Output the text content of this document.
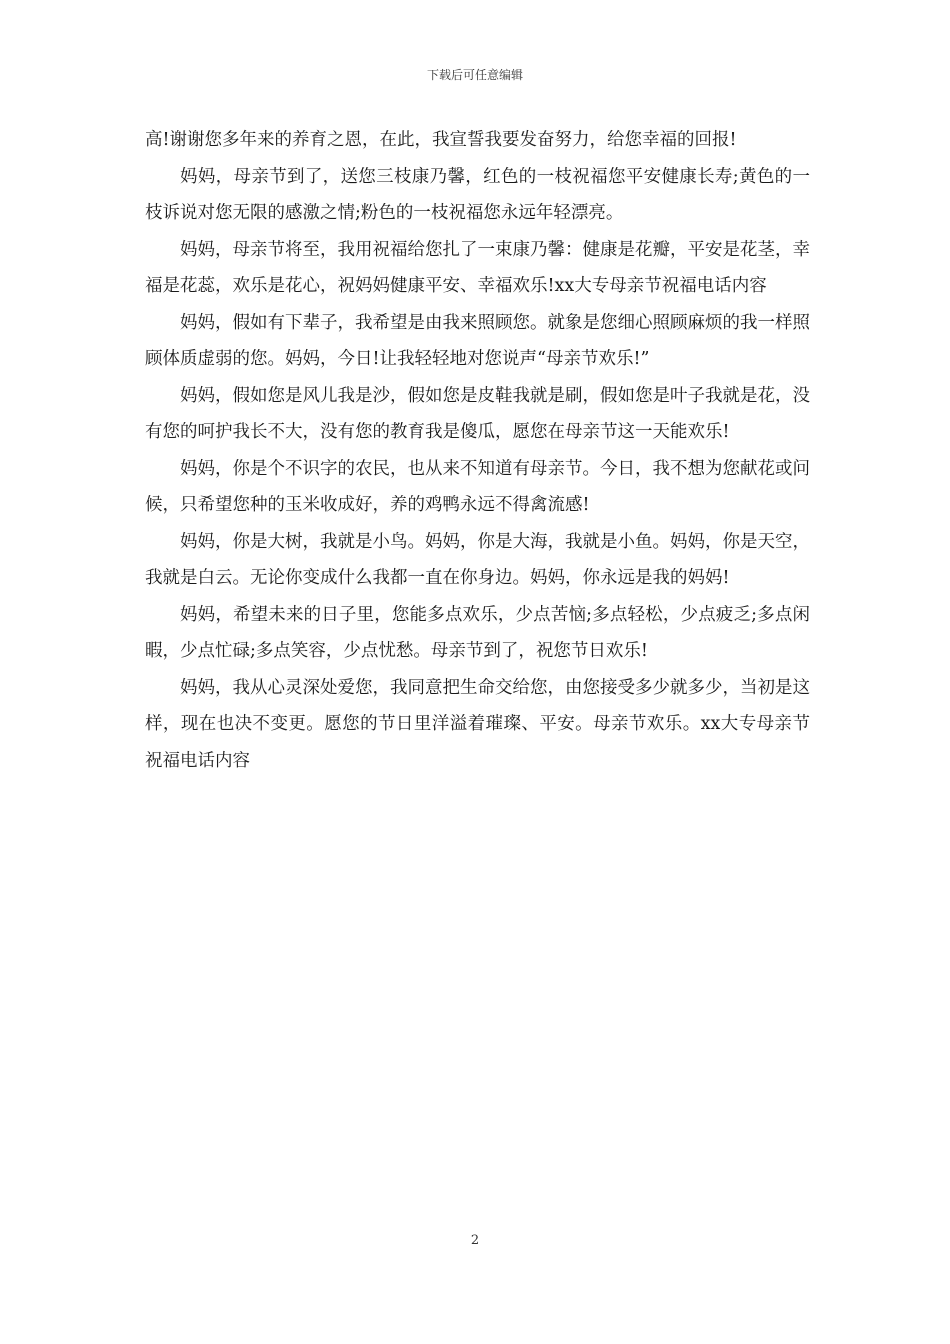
下载后可任意编辑

高!谢谢您多年来的养育之恩，在此，我宣誓我要发奋努力，给您幸福的回报!

妈妈，母亲节到了，送您三枝康乃馨，红色的一枝祝福您平安健康长寿;黄色的一枝诉说对您无限的感激之情;粉色的一枝祝福您永远年轻漂亮。

妈妈，母亲节将至，我用祝福给您扎了一束康乃馨：健康是花瓣，平安是花茎，幸福是花蕊，欢乐是花心，祝妈妈健康平安、幸福欢乐!xx大专母亲节祝福电话内容

妈妈，假如有下辈子，我希望是由我来照顾您。就象是您细心照顾麻烦的我一样照顾体质虚弱的您。妈妈，今日!让我轻轻地对您说声“母亲节欢乐!”

妈妈，假如您是风儿我是沙，假如您是皮鞋我就是刷，假如您是叶子我就是花，没有您的呵护我长不大，没有您的教育我是傻瓜，愿您在母亲节这一天能欢乐!

妈妈，你是个不识字的农民，也从来不知道有母亲节。今日，我不想为您献花或问候，只希望您种的玉米收成好，养的鸡鸭永远不得禽流感!

妈妈，你是大树，我就是小鸟。妈妈，你是大海，我就是小鱼。妈妈，你是天空，我就是白云。无论你变成什么我都一直在你身边。妈妈，你永远是我的妈妈!

妈妈，希望未来的日子里，您能多点欢乐，少点苦恼;多点轻松，少点疲乏;多点闲暇，少点忙碌;多点笑容，少点忧愁。母亲节到了，祝您节日欢乐!

妈妈，我从心灵深处爱您，我同意把生命交给您，由您接受多少就多少，当初是这样，现在也决不变更。愿您的节日里洋溢着璀璨、平安。母亲节欢乐。xx大专母亲节祝福电话内容

2
